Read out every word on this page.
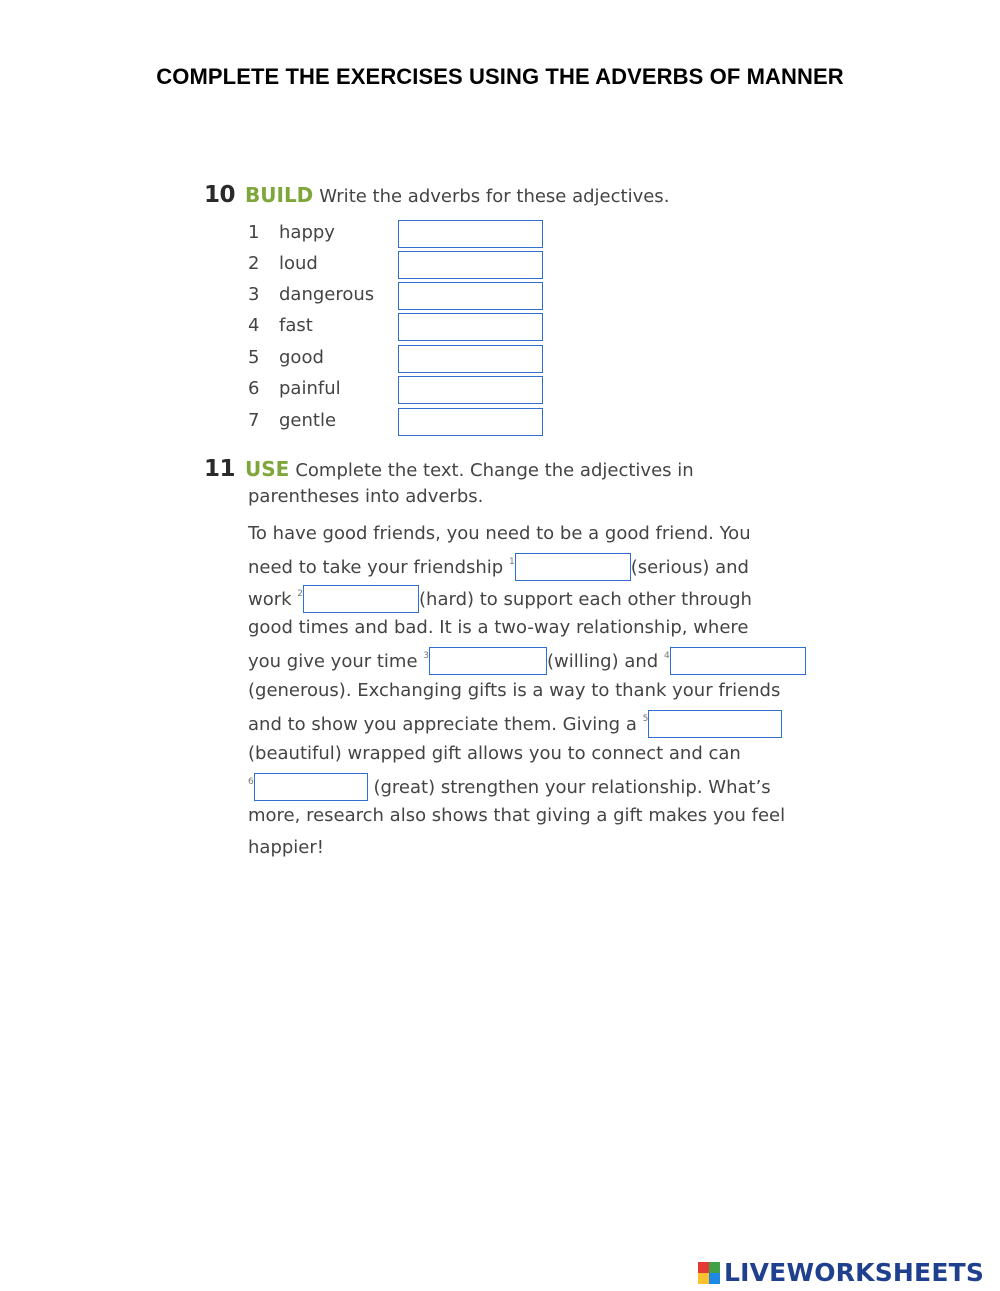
COMPLETE THE EXERCISES USING THE ADVERBS OF MANNER
10 BUILD Write the adverbs for these adjectives.
1	happy
2	loud
3	dangerous
4	fast
5	good
6	painful
7	gentle
11 USE Complete the text. Change the adjectives in
parentheses into adverbs.
To have good friends, you need to be a good friend. You
need to take your friendship $^1$	(serious) and
work $^2$	(hard) to support each other through
good times and bad. It is a two-way relationship, where
you give your time $^3$	(willing) and $^4$
(generous). Exchanging gifts is a way to thank your friends
and to show you appreciate them. Giving a $^5$
(beautiful) wrapped gift allows you to connect and can
$^6$	(great) strengthen your relationship. What’s
more, research also shows that giving a gift makes you feel
happier!
LIVEWORKSHEETS
